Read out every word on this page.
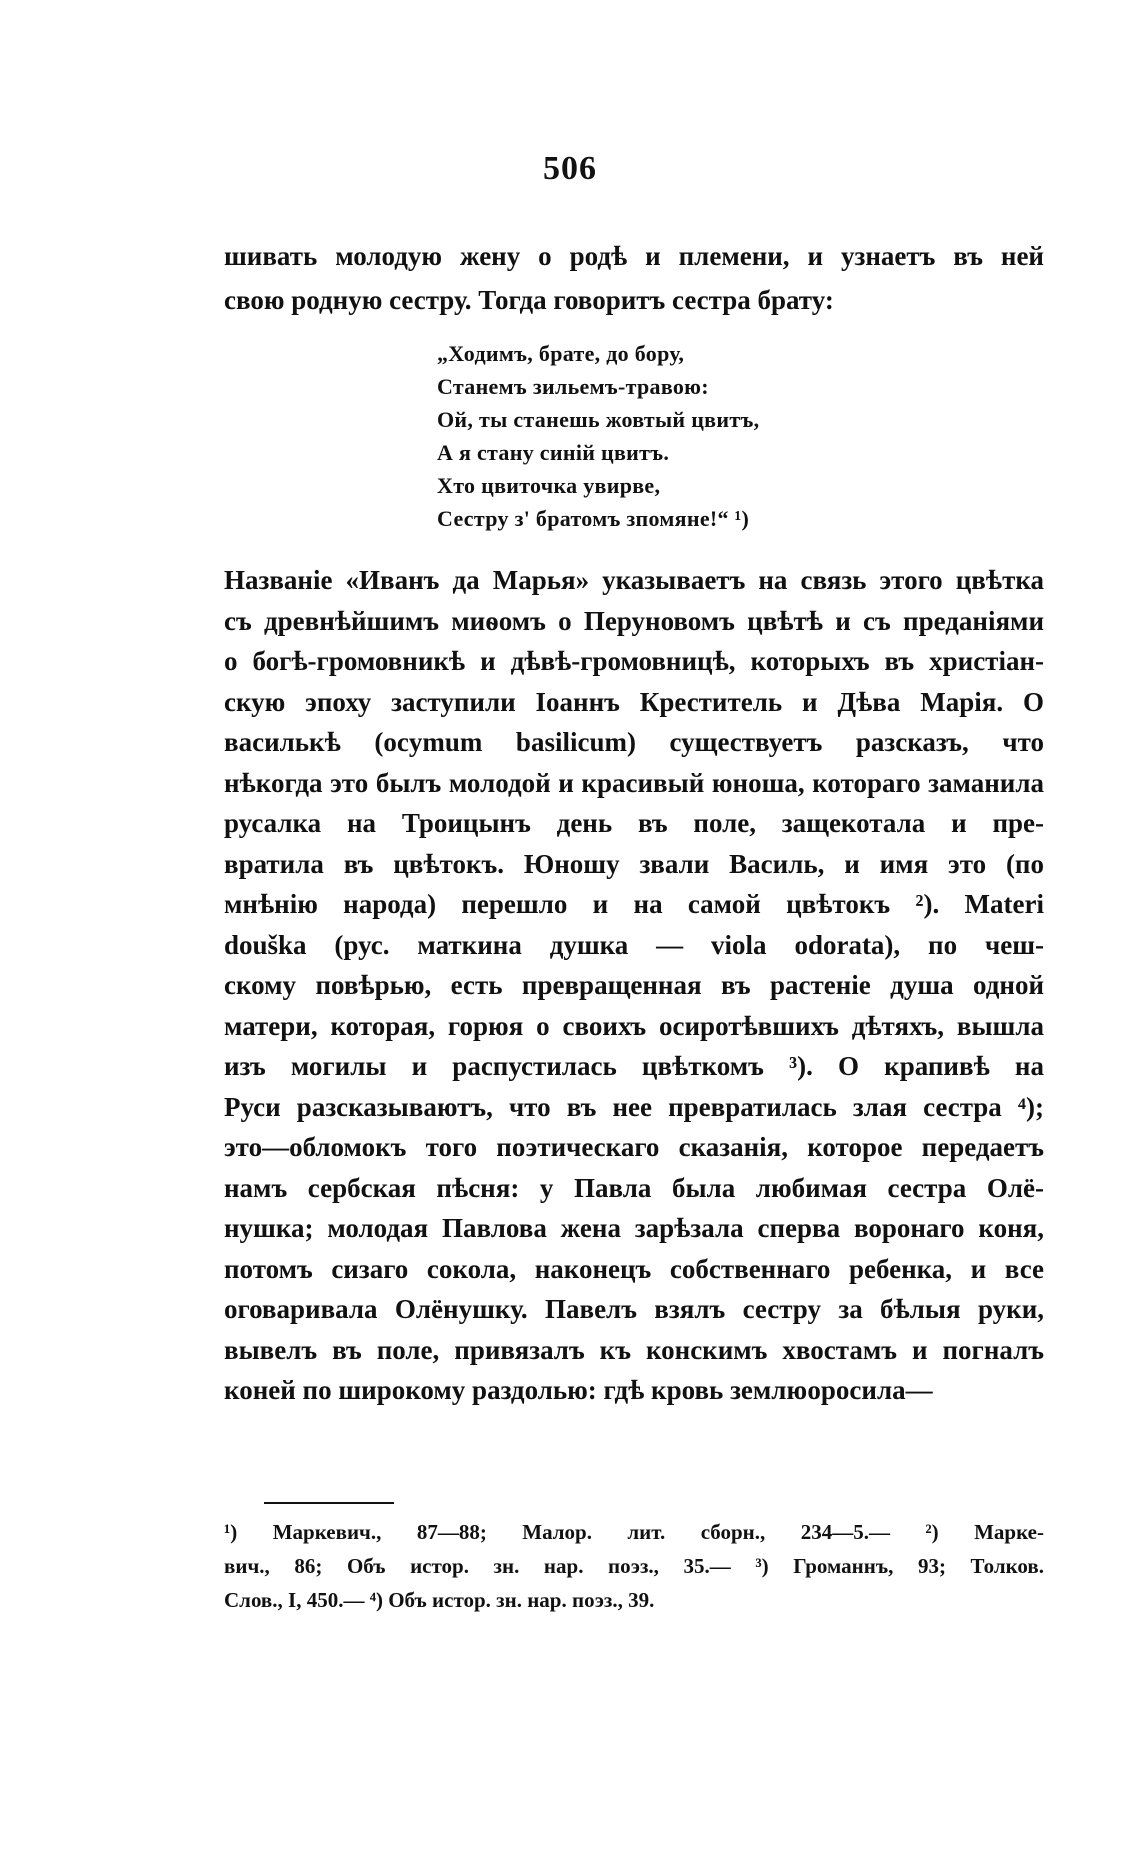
506
шивать молодую жену о родѣ и племени, и узнаетъ въ ней
свою родную сестру. Тогда говоритъ сестра брату:
„Ходимъ, брате, до бору,
Станемъ зильемъ-травою:
Ой, ты станешь жовтый цвитъ,
А я стану синій цвитъ.
Хто цвиточка увирве,
Сестру з' братомъ зпомяне!“ ¹)
Названіе «Иванъ да Марья» указываетъ на связь этого цвѣтка
съ древнѣйшимъ миѳомъ о Перуновомъ цвѣтѣ и съ преданіями
о богѣ-громовникѣ и дѣвѣ-громовницѣ, которыхъ въ христіан-
скую эпоху заступили Іоаннъ Креститель и Дѣва Марія. О
василькѣ (ocymum basilicum) существуетъ разсказъ, что
нѣкогда это былъ молодой и красивый юноша, котораго заманила
русалка на Троицынъ день въ поле, защекотала и пре-
вратила въ цвѣтокъ. Юношу звали Василь, и имя это (по
мнѣнію народа) перешло и на самой цвѣтокъ ²). Materi
douška (рус. маткина душка — viola odorata), по чеш-
скому повѣрью, есть превращенная въ растеніе душа одной
матери, которая, горюя о своихъ осиротѣвшихъ дѣтяхъ, вышла
изъ могилы и распустилась цвѣткомъ ³). О крапивѣ на
Руси разсказываютъ, что въ нее превратилась злая сестра ⁴);
это—обломокъ того поэтическаго сказанія, которое передаетъ
намъ сербская пѣсня: у Павла была любимая сестра Олё-
нушка; молодая Павлова жена зарѣзала сперва воронаго коня,
потомъ сизаго сокола, наконецъ собственнаго ребенка, и все
оговаривала Олёнушку. Павелъ взялъ сестру за бѣлыя руки,
вывелъ въ поле, привязалъ къ конскимъ хвостамъ и погналъ
коней по широкому раздолью: гдѣ кровь землюоросила—
¹) Маркевич., 87—88; Малор. лит. сборн., 234—5.— ²) Марке-
вич., 86; Объ истор. зн. нар. поэз., 35.— ³) Громаннъ, 93; Толков.
Слов., I, 450.— ⁴) Объ истор. зн. нар. поэз., 39.
